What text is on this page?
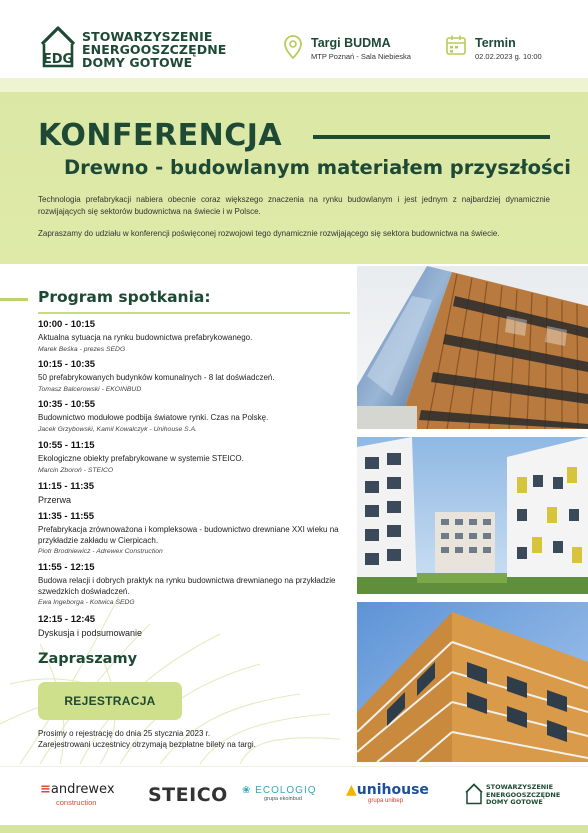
EDG
STOWARZYSZENIE
ENERGOOSZCZĘDNE
DOMY GOTOWE
Targi BUDMA
MTP Poznań - Sala Niebieska
Termin
02.02.2023 g. 10:00
KONFERENCJA
Drewno - budowlanym materiałem przyszłości

Technologia prefabrykacji nabiera obecnie coraz większego znaczenia na rynku budowlanym i jest jednym z najbardziej dynamicznie rozwijających się sektorów budownictwa na świecie i w Polsce.

Zapraszamy do udziału w konferencji poświęconej rozwojowi tego dynamicznie rozwijającego się sektora budownictwa na świecie.

Program spotkania:
10:00 - 10:15
Aktualna sytuacja na rynku budownictwa prefabrykowanego.
Marek Beśka - prezes SEDG
10:15 - 10:35
50 prefabrykowanych budynków komunalnych - 8 lat doświadczeń.
Tomasz Balcerowski - EKOINBUD
10:35 - 10:55
Budownictwo modułowe podbija światowe rynki. Czas na Polskę.
Jacek Grzybowski, Kamil Kowalczyk - Unihouse S.A.
10:55 - 11:15
Ekologiczne obiekty prefabrykowane w systemie STEICO.
Marcin Zboroń - STEICO
11:15 - 11:35
Przerwa
11:35 - 11:55
Prefabrykacja zrównoważona i kompleksowa - budownictwo drewniane XXI wieku na przykładzie zakładu w Cierpicach.
Piotr Brodniewicz - Adrewex Construction
11:55 - 12:15
Budowa relacji i dobrych praktyk na rynku budownictwa drewnianego na przykładzie szwedzkich doświadczeń.
Ewa Ingeborga - Kotwica SEDG
12:15 - 12:45
Dyskusja i podsumowanie
Zapraszamy
REJESTRACJA
Prosimy o rejestrację do dnia 25 stycznia 2023 r.
Zarejestrowani uczestnicy otrzymają bezpłatne bilety na targi.
≡andrewex
construction	STEICO ❀ ECOLOGIQ
grupa ekoinbud
▲unihouse
grupa unibep
STOWARZYSZENIE
ENERGOOSZCZĘDNE
DOMY GOTOWE
